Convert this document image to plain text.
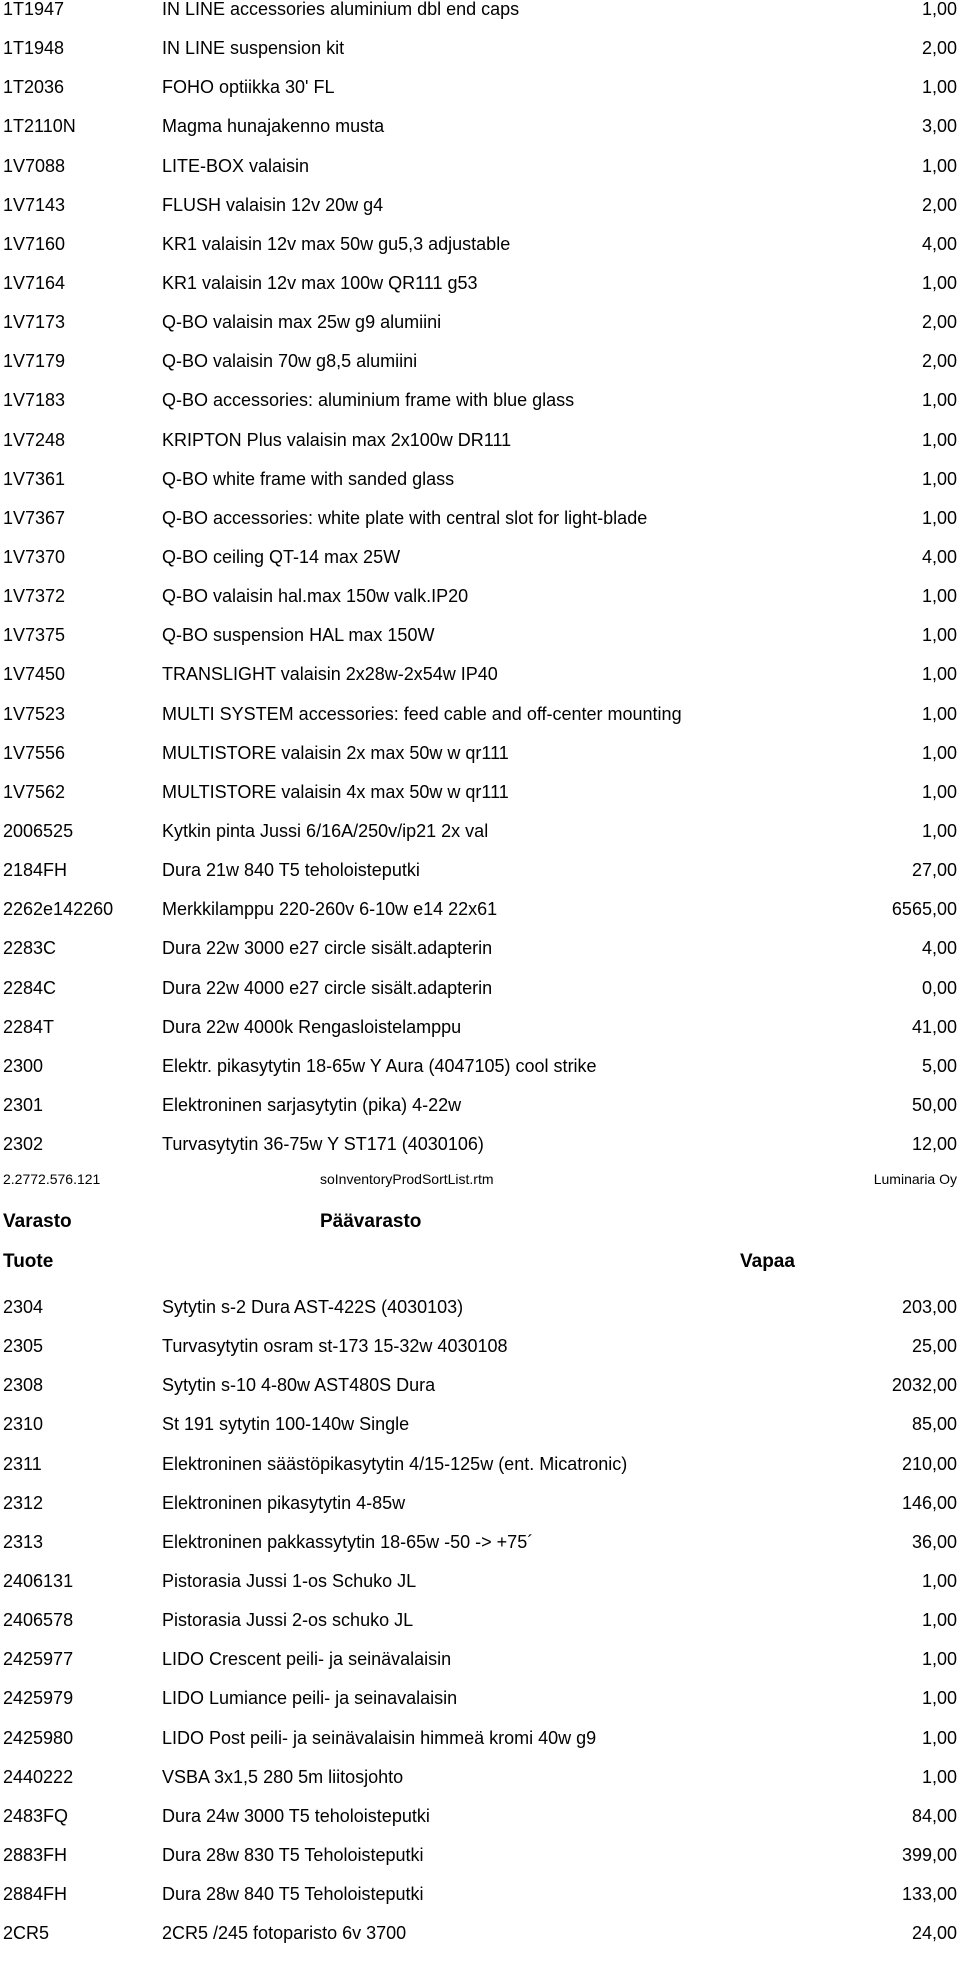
1T1947	IN LINE accessories aluminium dbl end caps	1,00
1T1948	IN LINE suspension kit	2,00
1T2036	FOHO optiikka 30' FL	1,00
1T2110N	Magma hunajakenno musta	3,00
1V7088	LITE-BOX valaisin	1,00
1V7143	FLUSH valaisin 12v 20w g4	2,00
1V7160	KR1 valaisin 12v max 50w gu5,3 adjustable	4,00
1V7164	KR1 valaisin 12v max 100w QR111 g53	1,00
1V7173	Q-BO valaisin max 25w g9 alumiini	2,00
1V7179	Q-BO valaisin 70w g8,5 alumiini	2,00
1V7183	Q-BO accessories: aluminium frame with blue glass	1,00
1V7248	KRIPTON Plus valaisin max 2x100w DR111	1,00
1V7361	Q-BO white frame with sanded glass	1,00
1V7367	Q-BO accessories: white plate with central slot for light-blade	1,00
1V7370	Q-BO ceiling QT-14 max 25W	4,00
1V7372	Q-BO valaisin hal.max 150w valk.IP20	1,00
1V7375	Q-BO suspension HAL max 150W	1,00
1V7450	TRANSLIGHT valaisin 2x28w-2x54w IP40	1,00
1V7523	MULTI SYSTEM accessories: feed cable and off-center mounting	1,00
1V7556	MULTISTORE valaisin 2x max 50w w qr111	1,00
1V7562	MULTISTORE valaisin 4x max 50w w qr111	1,00
2006525	Kytkin pinta Jussi 6/16A/250v/ip21 2x val	1,00
2184FH	Dura 21w 840 T5 teholoisteputki	27,00
2262e142260	Merkkilamppu 220-260v 6-10w e14 22x61	6565,00
2283C	Dura 22w 3000 e27 circle sisält.adapterin	4,00
2284C	Dura 22w 4000 e27 circle sisält.adapterin	0,00
2284T	Dura 22w 4000k Rengasloistelamppu	41,00
2300	Elektr. pikasytytin 18-65w Y Aura (4047105) cool strike	5,00
2301	Elektroninen sarjasytytin (pika) 4-22w	50,00
2302	Turvasytytin 36-75w Y ST171 (4030106)	12,00
2.2772.576.121	soInventoryProdSortList.rtm	Luminaria Oy
Varasto	Päävarasto
Tuote	Vapaa
2304	Sytytin s-2 Dura AST-422S (4030103)	203,00
2305	Turvasytytin osram st-173 15-32w 4030108	25,00
2308	Sytytin s-10 4-80w AST480S Dura	2032,00
2310	St 191 sytytin 100-140w Single	85,00
2311	Elektroninen säästöpikasytytin 4/15-125w (ent. Micatronic)	210,00
2312	Elektroninen pikasytytin 4-85w	146,00
2313	Elektroninen pakkassytytin 18-65w -50 -> +75´	36,00
2406131	Pistorasia Jussi 1-os Schuko JL	1,00
2406578	Pistorasia Jussi 2-os schuko JL	1,00
2425977	LIDO Crescent peili- ja seinävalaisin	1,00
2425979	LIDO Lumiance peili- ja seinavalaisin	1,00
2425980	LIDO Post peili- ja seinävalaisin himmeä kromi 40w g9	1,00
2440222	VSBA 3x1,5 280 5m liitosjohto	1,00
2483FQ	Dura 24w 3000 T5 teholoisteputki	84,00
2883FH	Dura 28w 830 T5 Teholoisteputki	399,00
2884FH	Dura 28w 840 T5 Teholoisteputki	133,00
2CR5	2CR5 /245 fotoparisto 6v 3700	24,00
